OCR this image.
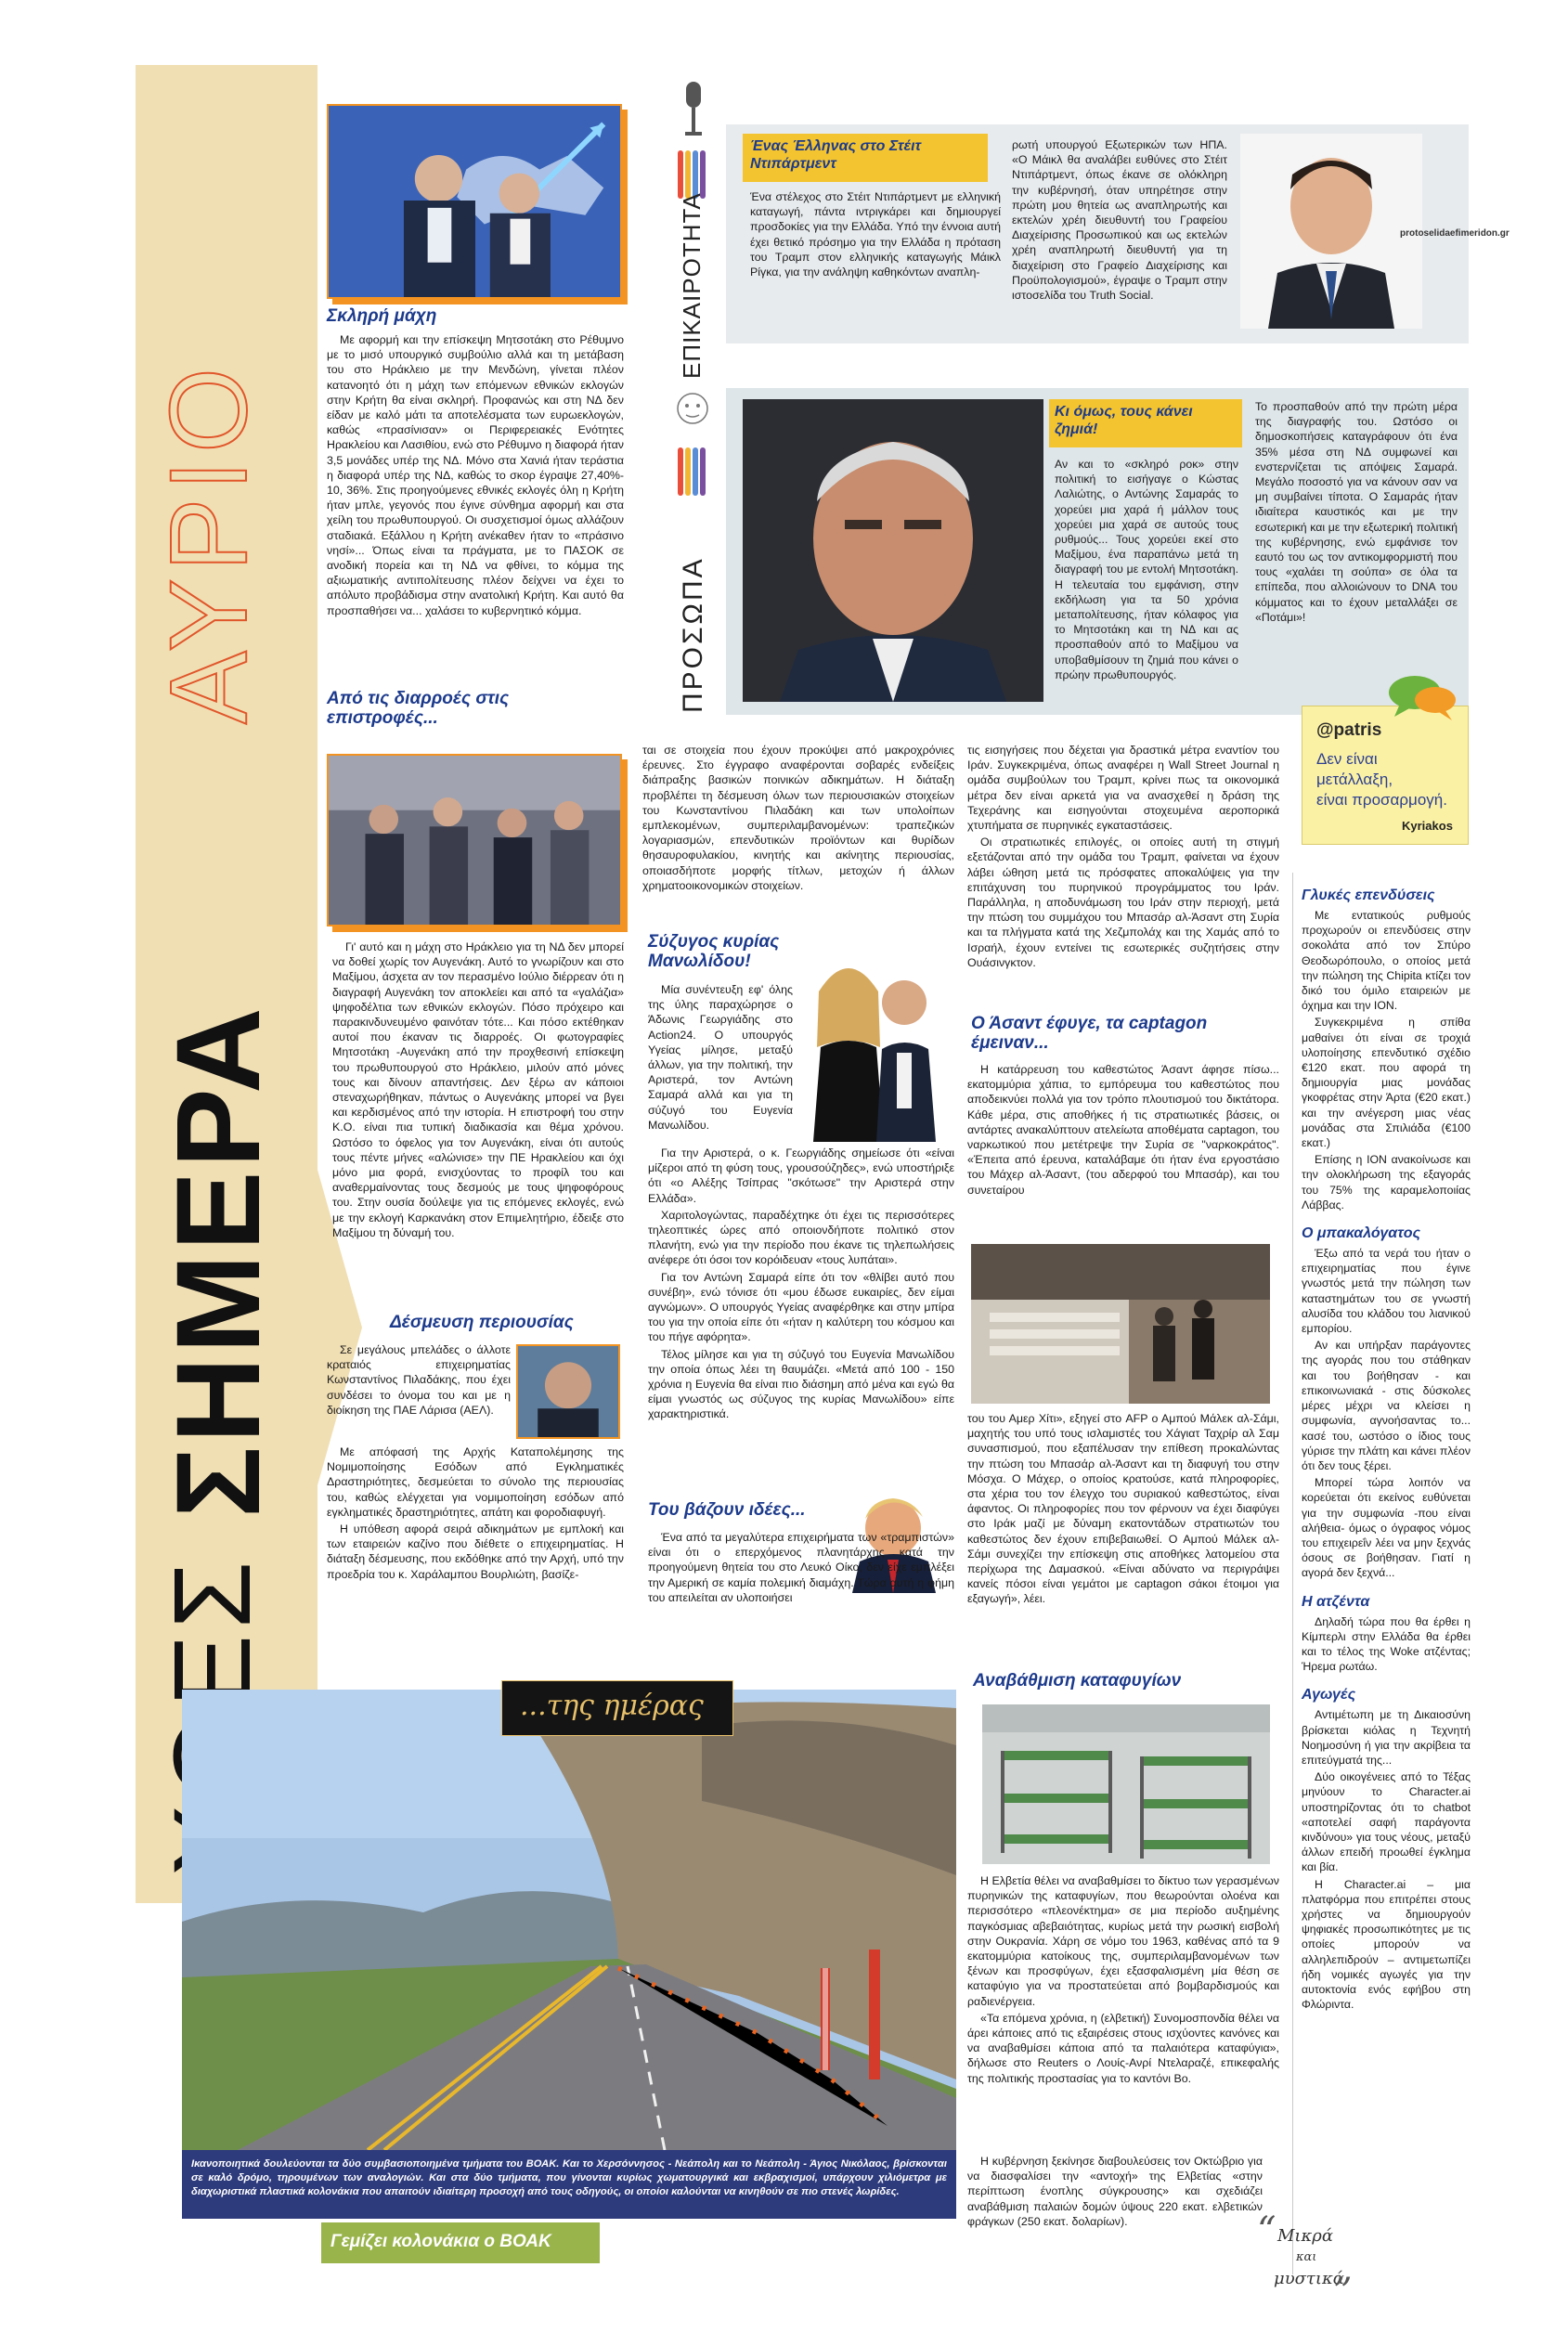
ΣΗΜΕΡΑ
ΑΥΡΙΟ
Σκληρή μάχη

Με αφορμή και την επίσκεψη Μητσοτάκη στο Ρέθυμνο με το μισό υπουργικό συμβούλιο αλλά και τη μετάβαση του στο Ηράκλειο με την Μενδώνη, γίνεται πλέον κατανοητό ότι η μάχη των επόμενων εθνικών εκλογών στην Κρήτη θα είναι σκληρή. Προφανώς και στη ΝΔ δεν είδαν με καλό μάτι τα αποτελέσματα των ευρωεκλογών, καθώς «πρασίνισαν» οι Περιφερειακές Ενότητες Ηρακλείου και Λασιθίου, ενώ στο Ρέθυμνο η διαφορά ήταν 3,5 μονάδες υπέρ της ΝΔ. Μόνο στα Χανιά ήταν τεράστια η διαφορά υπέρ της ΝΔ, καθώς το σκορ έγραψε 27,40%- 10, 36%. Στις προηγούμενες εθνικές εκλογές όλη η Κρήτη ήταν μπλε, γεγονός που έγινε σύνθημα αφορμή και στα χείλη του πρωθυπουργού. Οι συσχετισμοί όμως αλλάζουν σταδιακά. Εξάλλου η Κρήτη ανέκαθεν ήταν το «πράσινο νησί»... Όπως είναι τα πράγματα, με το ΠΑΣΟΚ σε ανοδική πορεία και τη ΝΔ να φθίνει, το κόμμα της αξιωματικής αντιπολίτευσης πλέον δείχνει να έχει το απόλυτο προβάδισμα στην ανατολική Κρήτη. Και αυτό θα προσπαθήσει να... χαλάσει το κυβερνητικό κόμμα.

Από τις διαρροές στις επιστροφές...

Γι' αυτό και η μάχη στο Ηράκλειο για τη ΝΔ δεν μπορεί να δοθεί χωρίς τον Αυγενάκη. Αυτό το γνωρίζουν και στο Μαξίμου, άσχετα αν τον περασμένο Ιούλιο διέρρεαν ότι η διαγραφή Αυγενάκη τον αποκλείει και από τα «γαλάζια» ψηφοδέλτια των εθνικών εκλογών. Πόσο πρόχειρο και παρακινδυνευμένο φαινόταν τότε... Και πόσο εκτέθηκαν αυτοί που έκαναν τις διαρροές. Οι φωτογραφίες Μητσοτάκη -Αυγενάκη από την προχθεσινή επίσκεψη του πρωθυπουργού στο Ηράκλειο, μιλούν από μόνες τους και δίνουν απαντήσεις. Δεν ξέρω αν κάποιοι στεναχωρήθηκαν, πάντως ο Αυγενάκης μπορεί να βγει και κερδισμένος από την ιστορία. Η επιστροφή του στην Κ.Ο. είναι πια τυπική διαδικασία και θέμα χρόνου. Ωστόσο το όφελος για τον Αυγενάκη, είναι ότι αυτούς τους πέντε μήνες «αλώνισε» την ΠΕ Ηρακλείου και όχι μόνο μια φορά, ενισχύοντας το προφίλ του και αναθερμαίνοντας τους δεσμούς με τους ψηφοφόρους του. Στην ουσία δούλεψε για τις επόμενες εκλογές, ενώ με την εκλογή Καρκανάκη στον Επιμελητήριο, έδειξε στο Μαξίμου τη δύναμή του.

Δέσμευση περιουσίας

Σε μεγάλους μπελάδες ο άλλοτε κραταιός επιχειρηματίας Κωνσταντίνος Πιλαδάκης, που έχει συνδέσει το όνομα του και με η διοίκηση της ΠΑΕ Λάρισα (ΑΕΛ).

Με απόφασή της Αρχής Καταπολέμησης της Νομιμοποίησης Εσόδων από Εγκληματικές Δραστηριότητες, δεσμεύεται το σύνολο της περιουσίας του, καθώς ελέγχεται για νομιμοποίηση εσόδων από εγκληματικές δραστηριότητες, απάτη και φοροδιαφυγή.

Η υπόθεση αφορά σειρά αδικημάτων με εμπλοκή και των εταιρειών καζίνο που διέθετε ο επιχειρηματίας. Η διάταξη δέσμευσης, που εκδόθηκε από την Αρχή, υπό την προεδρία του κ. Χαράλαμπου Βουρλιώτη, βασίζε-

ΕΠΙΚΑΙΡΟΤΗΤΑ
ΠΡΟΣΩΠΑ
Ένας Έλληνας στο Στέιτ Ντιπάρτμεντ

Ένα στέλεχος στο Στέιτ Ντιπάρτμεντ με ελληνική καταγωγή, πάντα ιντριγκάρει και δημιουργεί προσδοκίες για την Ελλάδα. Υπό την έννοια αυτή έχει θετικό πρόσημο για την Ελλάδα η πρόταση του Τραμπ στον ελληνικής καταγωγής Μάικλ Ρίγκα, για την ανάληψη καθηκόντων αναπλη-

ρωτή υπουργού Εξωτερικών των ΗΠΑ. «Ο Μάικλ θα αναλάβει ευθύνες στο Στέιτ Ντιπάρτμεντ, όπως έκανε σε ολόκληρη την κυβέρνησή, όταν υπηρέτησε στην πρώτη μου θητεία ως αναπληρωτής και εκτελών χρέη διευθυντή του Γραφείου Διαχείρισης Προσωπικού και ως εκτελών χρέη αναπληρωτή διευθυντή για τη διαχείριση στο Γραφείο Διαχείρισης και Προϋπολογισμού», έγραψε ο Τραμπ στην ιστοσελίδα του Truth Social.

protoselidaefimeridon.gr
Κι όμως, τους κάνει ζημιά!

Αν και το «σκληρό ροκ» στην πολιτική το εισήγαγε ο Κώστας Λαλιώτης, ο Αντώνης Σαμαράς το χορεύει μια χαρά ή μάλλον τους χορεύει μια χαρά σε αυτούς τους ρυθμούς... Τους χορεύει εκεί στο Μαξίμου, ένα παραπάνω μετά τη διαγραφή του με εντολή Μητσοτάκη. Η τελευταία του εμφάνιση, στην εκδήλωση για τα 50 χρόνια μεταπολίτευσης, ήταν κόλαφος για το Μητσοτάκη και τη ΝΔ και ας προσπαθούν από το Μαξίμου να υποβαθμίσουν τη ζημιά που κάνει ο πρώην πρωθυπουργός.

Το προσπαθούν από την πρώτη μέρα της διαγραφής του. Ωστόσο οι δημοσκοπήσεις καταγράφουν ότι ένα 35% μέσα στη ΝΔ συμφωνεί και ενστερνίζεται τις απόψεις Σαμαρά. Μεγάλο ποσοστό για να κάνουν σαν να μη συμβαίνει τίποτα. Ο Σαμαράς ήταν ιδιαίτερα καυστικός και με την εσωτερική και με την εξωτερική πολιτική της κυβέρνησης, ενώ εμφάνισε τον εαυτό του ως τον αντικομφορμιστή που τους «χαλάει τη σούπα» σε όλα τα επίπεδα, που αλλοιώνουν το DNA του κόμματος και το έχουν μεταλλάξει σε «Ποτάμι»!

@patris
Δεν είναι
μετάλλαξη,
είναι προσαρμογή.
Kyriakos

ται σε στοιχεία που έχουν προκύψει από μακροχρόνιες έρευνες. Στο έγγραφο αναφέρονται σοβαρές ενδείξεις διάπραξης βασικών ποινικών αδικημάτων. Η διάταξη προβλέπει τη δέσμευση όλων των περιουσιακών στοιχείων του Κωνσταντίνου Πιλαδάκη και των υπολοίπων εμπλεκομένων, συμπεριλαμβανομένων: τραπεζικών λογαριασμών, επενδυτικών προϊόντων και θυρίδων θησαυροφυλακίου, κινητής και ακίνητης περιουσίας, οποιασδήποτε μορφής τίτλων, μετοχών ή άλλων χρηματοοικονομικών στοιχείων.

Σύζυγος κυρίας Μανωλίδου!

Μία συνέντευξη εφ' όλης της ύλης παραχώρησε ο Άδωνις Γεωργιάδης στο Action24. Ο υπουργός Υγείας μίλησε, μεταξύ άλλων, για την πολιτική, την Αριστερά, τον Αντώνη Σαμαρά αλλά και για τη σύζυγό του Ευγενία Μανωλίδου.

Για την Αριστερά, ο κ. Γεωργιάδης σημείωσε ότι «είναι μίζεροι από τη φύση τους, γρουσούζηδες», ενώ υποστήριξε ότι «ο Αλέξης Τσίπρας "σκότωσε" την Αριστερά στην Ελλάδα».

Χαριτολογώντας, παραδέχτηκε ότι έχει τις περισσότερες τηλεοπτικές ώρες από οποιονδήποτε πολιτικό στον πλανήτη, ενώ για την περίοδο που έκανε τις τηλεπωλήσεις ανέφερε ότι όσοι τον κορόιδευαν «τους λυπάται».

Για τον Αντώνη Σαμαρά είπε ότι τον «θλίβει αυτό που συνέβη», ενώ τόνισε ότι «μου έδωσε ευκαιρίες, δεν είμαι αγνώμων». Ο υπουργός Υγείας αναφέρθηκε και στην μπίρα του για την οποία είπε ότι «ήταν η καλύτερη του κόσμου και του πήγε αφόρητα».

Τέλος μίλησε και για τη σύζυγό του Ευγενία Μανωλίδου την οποία όπως λέει τη θαυμάζει. «Μετά από 100 - 150 χρόνια η Ευγενία θα είναι πιο διάσημη από μένα και εγώ θα είμαι γνωστός ως σύζυγος της κυρίας Μανωλίδου» είπε χαρακτηριστικά.

Του βάζουν ιδέες...

Ένα από τα μεγαλύτερα επιχειρήματα των «τραμπιστών» είναι ότι ο επερχόμενος πλανητάρχης κατά την προηγούμενη θητεία του στο Λευκό Οίκο, δεν είχε εμπλέξει την Αμερική σε καμία πολεμική διαμάχη. Τώρα αυτή η φήμη του απειλείται αν υλοποιήσει

τις εισηγήσεις που δέχεται για δραστικά μέτρα εναντίον του Ιράν. Συγκεκριμένα, όπως αναφέρει η Wall Street Journal η ομάδα συμβούλων του Τραμπ, κρίνει πως τα οικονομικά μέτρα δεν είναι αρκετά για να ανασχεθεί η δράση της Τεχεράνης και εισηγούνται στοχευμένα αεροπορικά χτυπήματα σε πυρηνικές εγκαταστάσεις.

Οι στρατιωτικές επιλογές, οι οποίες αυτή τη στιγμή εξετάζονται από την ομάδα του Τραμπ, φαίνεται να έχουν λάβει ώθηση μετά τις πρόσφατες αποκαλύψεις για την επιτάχυνση του πυρηνικού προγράμματος του Ιράν. Παράλληλα, η αποδυνάμωση του Ιράν στην περιοχή, μετά την πτώση του συμμάχου του Μπασάρ αλ-Άσαντ στη Συρία και τα πλήγματα κατά της Χεζμπολάχ και της Χαμάς από το Ισραήλ, έχουν εντείνει τις εσωτερικές συζητήσεις στην Ουάσινγκτον.

Ο Άσαντ έφυγε, τα captagon έμειναν...

Η κατάρρευση του καθεστώτος Άσαντ άφησε πίσω... εκατομμύρια χάπια, το εμπόρευμα του καθεστώτος που αποδεικνύει πολλά για τον τρόπο πλουτισμού του δικτάτορα. Κάθε μέρα, στις αποθήκες ή τις στρατιωτικές βάσεις, οι αντάρτες ανακαλύπτουν ατελείωτα αποθέματα captagon, του ναρκωτικού που μετέτρεψε την Συρία σε "ναρκοκράτος". «Έπειτα από έρευνα, καταλάβαμε ότι ήταν ένα εργοστάσιο του Μάχερ αλ-Άσαντ, (του αδερφού του Μπασάρ), και του συνεταίρου

του του Αμερ Χίτι», εξηγεί στο AFP ο Αμπού Μάλεκ αλ-Σάμι, μαχητής του υπό τους ισλαμιστές του Χάγιατ Ταχρίρ αλ Σαμ συνασπισμού, που εξαπέλυσαν την επίθεση προκαλώντας την πτώση του Μπασάρ αλ-Άσαντ και τη διαφυγή του στην Μόσχα. Ο Μάχερ, ο οποίος κρατούσε, κατά πληροφορίες, στα χέρια του τον έλεγχο του συριακού καθεστώτος, είναι άφαντος. Οι πληροφορίες που τον φέρνουν να έχει διαφύγει στο Ιράκ μαζί με δύναμη εκατοντάδων στρατιωτών του καθεστώτος δεν έχουν επιβεβαιωθεί. Ο Αμπού Μάλεκ αλ-Σάμι συνεχίζει την επίσκεψη στις αποθήκες λατομείου στα περίχωρα της Δαμασκού. «Είναι αδύνατο να περιγράψει κανείς πόσοι είναι γεμάτοι με captagon σάκοι έτοιμοι για εξαγωγή», λέει.

Αναβάθμιση καταφυγίων

Η Ελβετία θέλει να αναβαθμίσει το δίκτυο των γερασμένων πυρηνικών της καταφυγίων, που θεωρούνται ολοένα και περισσότερο «πλεονέκτημα» σε μια περίοδο αυξημένης παγκόσμιας αβεβαιότητας, κυρίως μετά την ρωσική εισβολή στην Ουκρανία. Χάρη σε νόμο του 1963, καθένας από τα 9 εκατομμύρια κατοίκους της, συμπεριλαμβανομένων των ξένων και προσφύγων, έχει εξασφαλισμένη μία θέση σε καταφύγιο για να προστατεύεται από βομβαρδισμούς και ραδιενέργεια.

«Τα επόμενα χρόνια, η (ελβετική) Συνομοσπονδία θέλει να άρει κάποιες από τις εξαιρέσεις στους ισχύοντες κανόνες και να αναβαθμίσει κάποια από τα παλαιότερα καταφύγια», δήλωσε στο Reuters ο Λουίς-Ανρί Ντελαραζέ, επικεφαλής της πολιτικής προστασίας για το καντόνι Βο.

Η κυβέρνηση ξεκίνησε διαβουλεύσεις τον Οκτώβριο για να διασφαλίσει την «αντοχή» της Ελβετίας «στην περίπτωση ένοπλης σύγκρουσης» και σχεδιάζει αναβάθμιση παλαιών δομών ύψους 220 εκατ. ελβετικών φράγκων (250 εκατ. δολαρίων).

Γλυκές επενδύσεις

Με εντατικούς ρυθμούς προχωρούν οι επενδύσεις στην σοκολάτα από τον Σπύρο Θεοδωρόπουλο, ο οποίος μετά την πώληση της Chipita κτίζει τον δικό του όμιλο εταιρειών με όχημα και την ΙΟΝ.

Συγκεκριμένα η σπίθα μαθαίνει ότι είναι σε τροχιά υλοποίησης επενδυτικό σχέδιο €120 εκατ. που αφορά τη δημιουργία μιας μονάδας γκοφρέτας στην Άρτα (€20 εκατ.) και την ανέγερση μιας νέας μονάδας στα Σπιλιάδα (€100 εκατ.)

Επίσης η ΙΟΝ ανακοίνωσε και την ολοκλήρωση της εξαγοράς του 75% της καραμελοποιίας Λάββας.

Ο μπακαλόγατος

Έξω από τα νερά του ήταν ο επιχειρηματίας που έγινε γνωστός μετά την πώληση των καταστημάτων του σε γνωστή αλυσίδα του κλάδου του λιανικού εμπορίου.

Αν και υπήρξαν παράγοντες της αγοράς που του στάθηκαν και του βοήθησαν - και επικοινωνιακά - στις δύσκολες μέρες μέχρι να κλείσει η συμφωνία, αγνοήσαντας το... κασέ του, ωστόσο ο ίδιος τους γύρισε την πλάτη και κάνει πλέον ότι δεν τους ξέρει.

Μπορεί τώρα λοιπόν να κορεύεται ότι εκείνος ευθύνεται για την συμφωνία -που είναι αλήθεια- όμως ο όγραφος νόμος του επιχειρεΐν λέει να μην ξεχνάς όσους σε βοήθησαν. Γιατί η αγορά δεν ξεχνά...

Η ατζέντα

Δηλαδή τώρα που θα έρθει η Κίμπερλι στην Ελλάδα θα έρθει και το τέλος της Woke ατζέντας; Ήρεμα ρωτάω.

Αγωγές

Αντιμέτωπη με τη Δικαιοσύνη βρίσκεται κιόλας η Τεχνητή Νοημοσύνη ή για την ακρίβεια τα επιτεύγματά της...

Δύο οικογένειες από το Τέξας μηνύουν το Character.ai υποστηρίζοντας ότι το chatbot «αποτελεί σαφή παράγοντα κινδύνου» για τους νέους, μεταξύ άλλων επειδή προωθεί έγκλημα και βία.

Η Character.ai – μια πλατφόρμα που επιτρέπει στους χρήστες να δημιουργούν ψηφιακές προσωπικότητες με τις οποίες μπορούν να αλληλεπιδρούν – αντιμετωπίζει ήδη νομικές αγωγές για την αυτοκτονία ενός εφήβου στη Φλώριντα.

“ Μικρά
και
μυστικά
”
...της ημέρας
Ικανοποιητικά δουλεύονται τα δύο συμβασιοποιημένα τμήματα του ΒΟΑΚ. Και το Χερσόννησος - Νεάπολη και το Νεάπολη - Άγιος Νικόλαος, βρίσκονται σε καλό δρόμο, τηρουμένων των αναλογιών. Και στα δύο τμήματα, που γίνονται κυρίως χωματουργικά και εκβραχισμοί, υπάρχουν χιλιόμετρα με διαχωριστικά πλαστικά κολονάκια που απαιτούν ιδιαίτερη προσοχή από τους οδηγούς, οι οποίοι καλούνται να κινηθούν σε πιο στενές λωρίδες.
Γεμίζει κολονάκια ο ΒΟΑΚ
